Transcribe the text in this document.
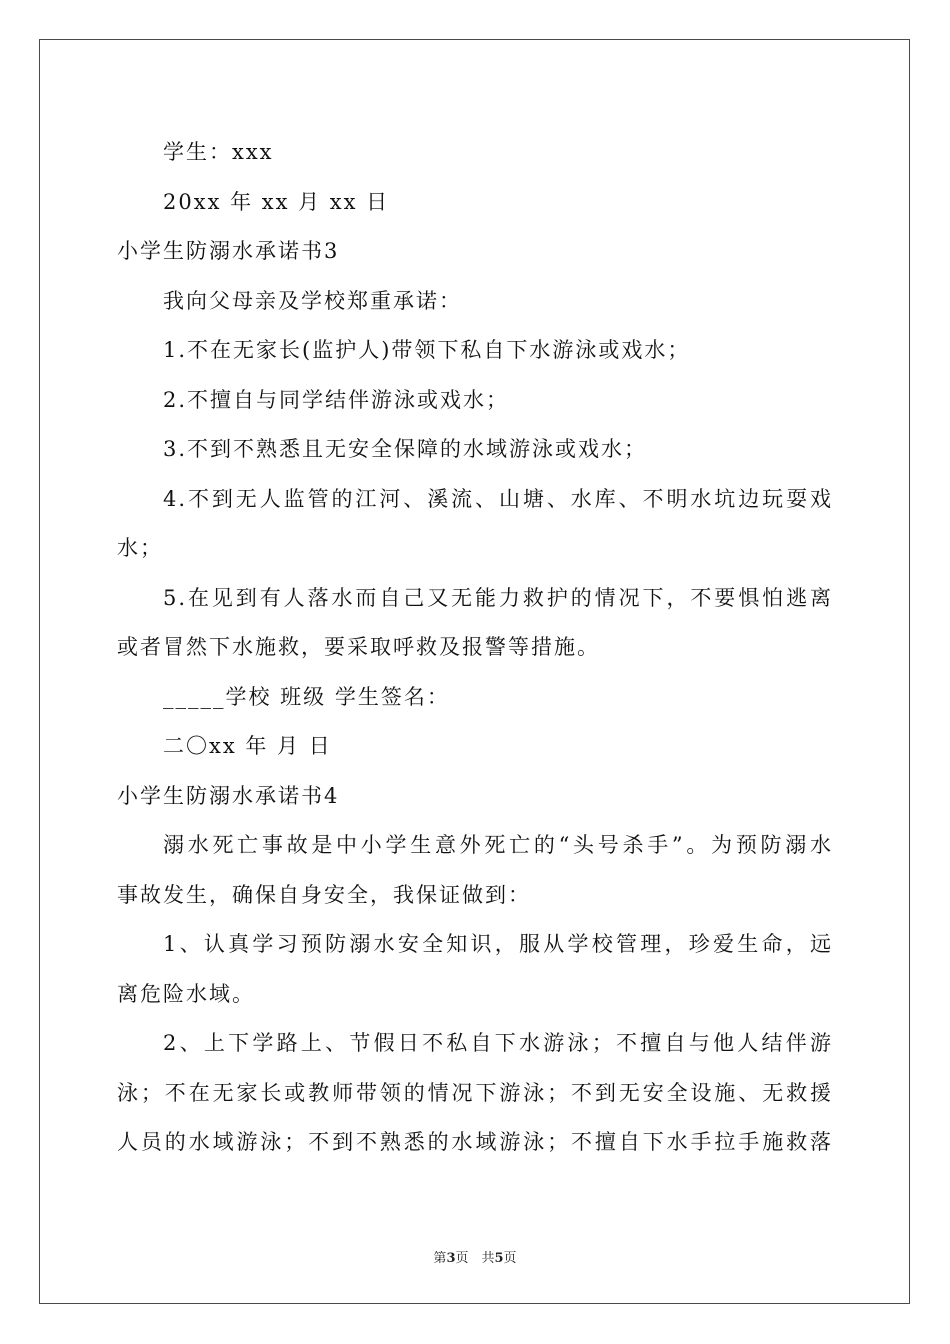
学生：xxx
20xx 年 xx 月 xx 日
小学生防溺水承诺书3
我向父母亲及学校郑重承诺：
1.不在无家长(监护人)带领下私自下水游泳或戏水；
2.不擅自与同学结伴游泳或戏水；
3.不到不熟悉且无安全保障的水域游泳或戏水；
4.不到无人监管的江河、溪流、山塘、水库、不明水坑边玩耍戏
水；
5.在见到有人落水而自己又无能力救护的情况下，不要惧怕逃离
或者冒然下水施救，要采取呼救及报警等措施。
_____学校 班级 学生签名：
二〇xx 年 月 日
小学生防溺水承诺书4
溺水死亡事故是中小学生意外死亡的“头号杀手”。为预防溺水
事故发生，确保自身安全，我保证做到：
1、认真学习预防溺水安全知识，服从学校管理，珍爱生命，远
离危险水域。
2、上下学路上、节假日不私自下水游泳；不擅自与他人结伴游
泳；不在无家长或教师带领的情况下游泳；不到无安全设施、无救援
人员的水域游泳；不到不熟悉的水域游泳；不擅自下水手拉手施救落
第3页　共5页
